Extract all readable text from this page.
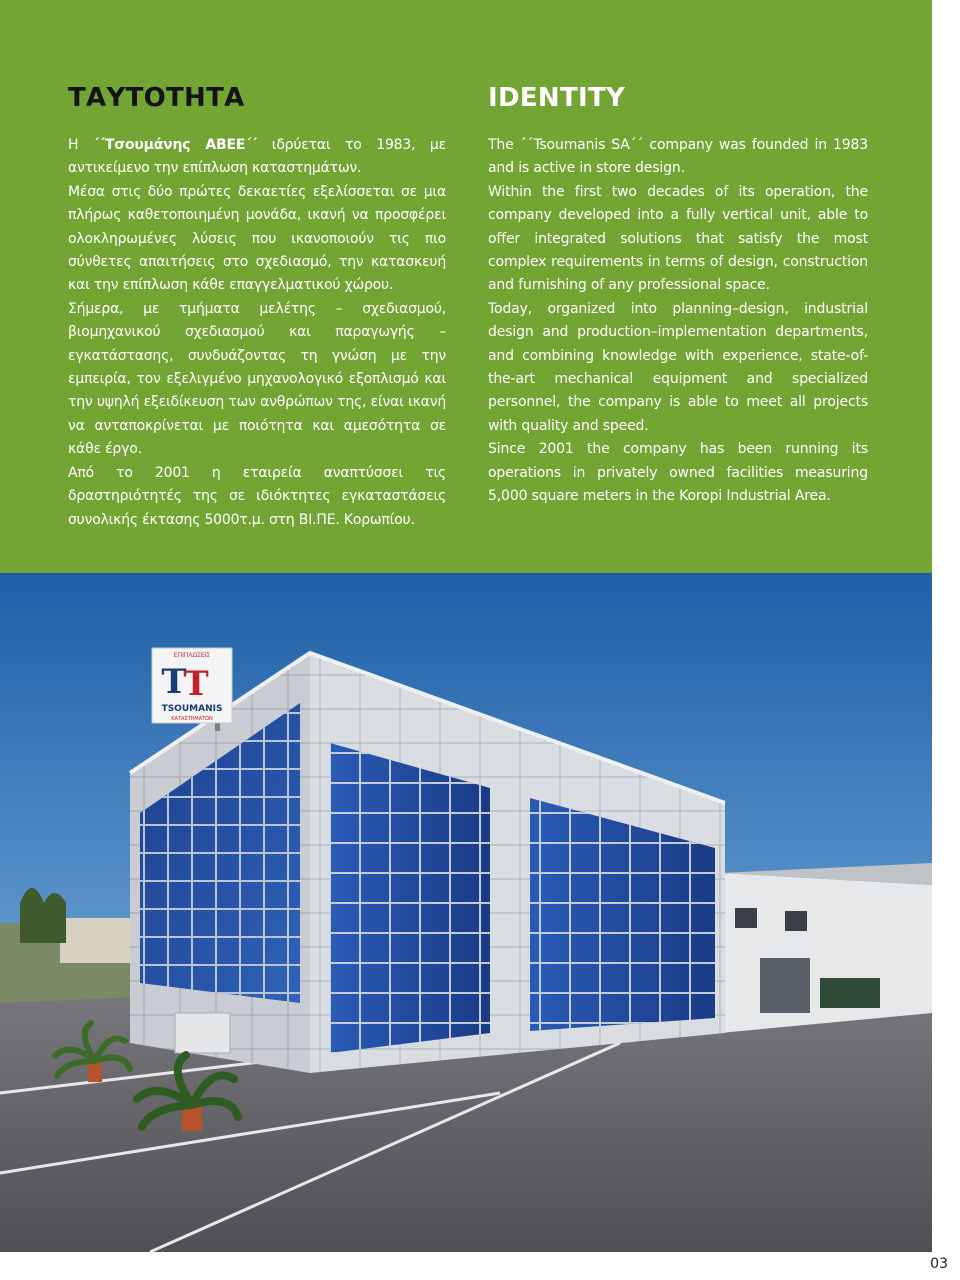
ΤΑΥΤΟΤΗΤΑ

Η ΄΄Τσουμάνης ΑΒΕΕ΄΄ ιδρύεται το 1983, με αντικείμενο την επίπλωση καταστημάτων.

Μέσα στις δύο πρώτες δεκαετίες εξελίσσεται σε μια πλήρως καθετοποιημένη μονάδα, ικανή να προσφέρει ολοκληρωμένες λύσεις που ικανοποιούν τις πιο σύνθετες απαιτήσεις στο σχεδιασμό, την κατασκευή και την επίπλωση κάθε επαγγελματικού χώρου.

Σήμερα, με τμήματα μελέτης – σχεδιασμού, βιομηχανικού σχεδιασμού και παραγωγής – εγκατάστασης, συνδυάζοντας τη γνώση με την εμπειρία, τον εξελιγμένο μηχανολογικό εξοπλισμό και την υψηλή εξειδίκευση των ανθρώπων της, είναι ικανή να ανταποκρίνεται με ποιότητα και αμεσότητα σε κάθε έργο.

Από το 2001 η εταιρεία αναπτύσσει τις δραστηριότητές της σε ιδιόκτητες εγκαταστάσεις συνολικής έκτασης 5000τ.μ. στη ΒΙ.ΠΕ. Κορωπίου.

IDENTITY

The ΄΄Tsoumanis SA΄΄ company was founded in 1983 and is active in store design.

Within the first two decades of its operation, the company developed into a fully vertical unit, able to offer integrated solutions that satisfy the most complex requirements in terms of design, construction and furnishing of any professional space.

Today, organized into planning–design, industrial design and production–implementation departments, and combining knowledge with experience, state-of-the-art mechanical equipment and specialized personnel, the company is able to meet all projects with quality and speed.

Since 2001 the company has been running its operations in privately owned facilities measuring 5,000 square meters in the Koropi Industrial Area.

ΕΠΙΠΛΩΣΕΙΣ
T
T
TSOUMANIS
ΚΑΤΑΣΤΗΜΑΤΩΝ
03
